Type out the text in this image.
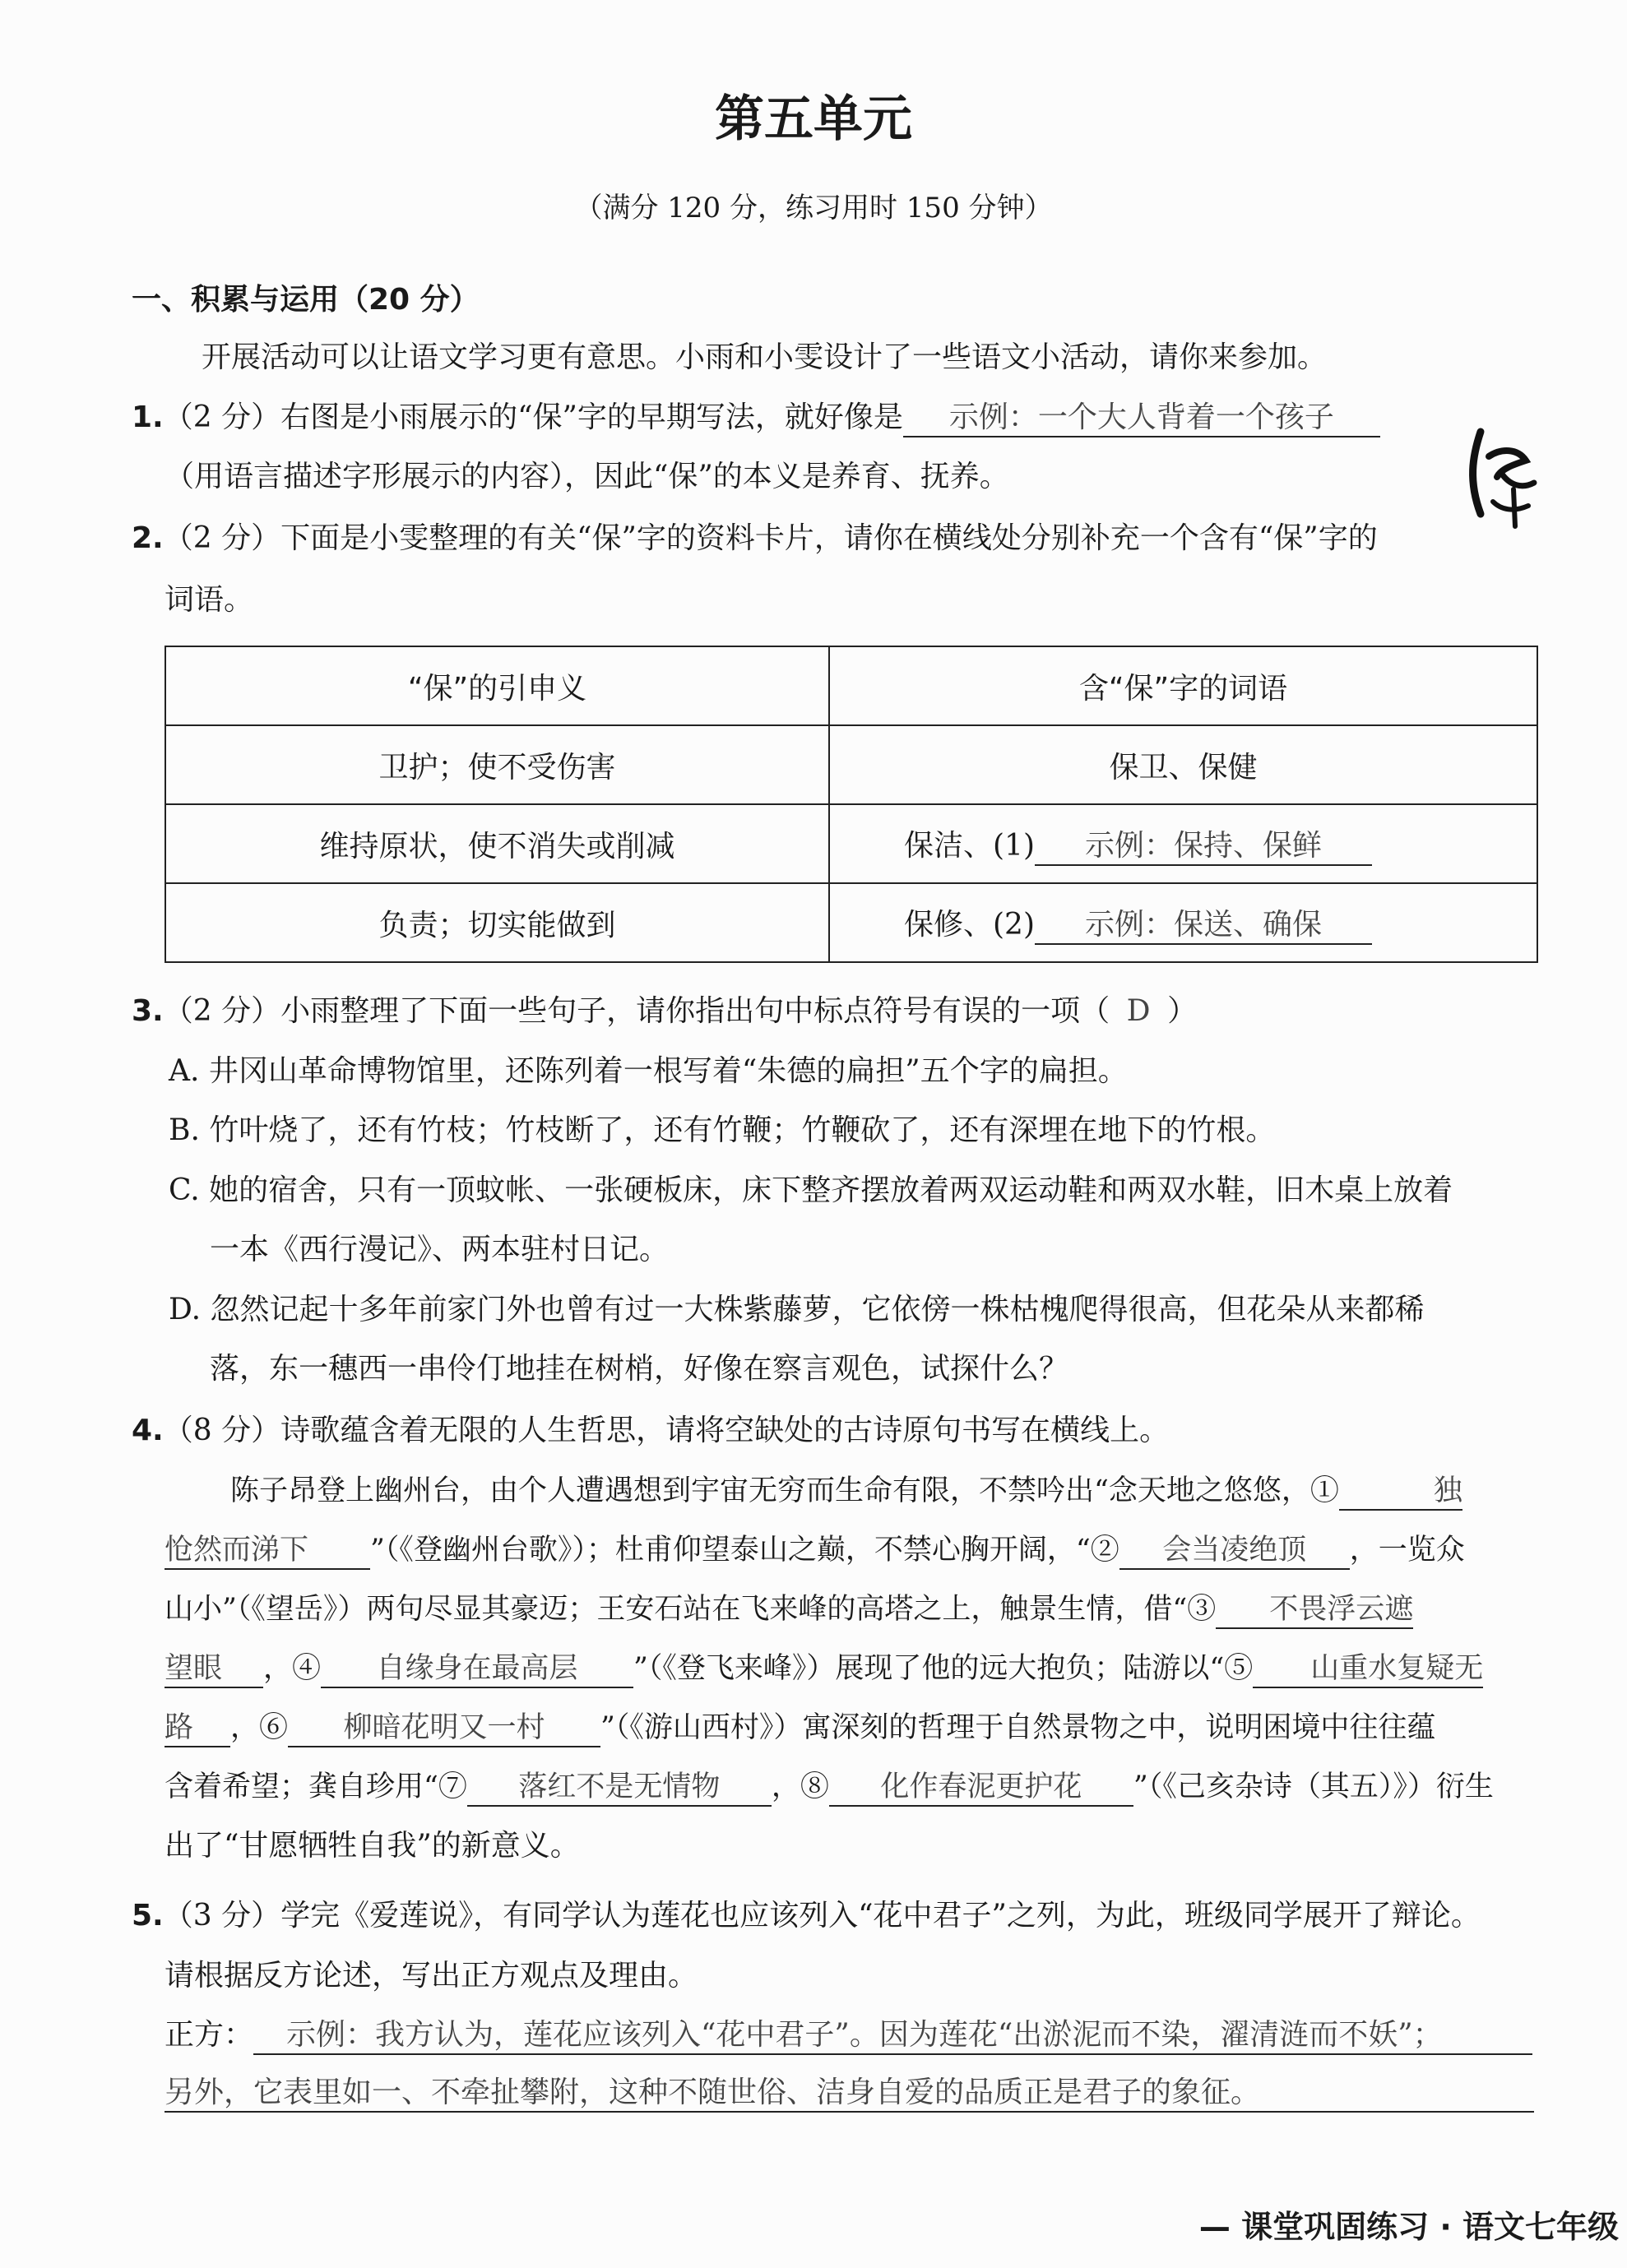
第五单元
（满分 120 分，练习用时 150 分钟）
一、积累与运用（20 分）
开展活动可以让语文学习更有意思。小雨和小雯设计了一些语文小活动，请你来参加。
1.（2 分）右图是小雨展示的“保”字的早期写法，就好像是 示例：一个大人背着一个孩子
（用语言描述字形展示的内容），因此“保”的本义是养育、抚养。
2.（2 分）下面是小雯整理的有关“保”字的资料卡片，请你在横线处分别补充一个含有“保”字的
词语。
“保”的引申义	含“保”字的词语
卫护；使不受伤害	保卫、保健
维持原状，使不消失或削减	保洁、(1) 示例：保持、保鲜
负责；切实能做到	保修、(2) 示例：保送、确保
3.（2 分）小雨整理了下面一些句子，请你指出句中标点符号有误的一项（ D ）
A. 井冈山革命博物馆里，还陈列着一根写着“朱德的扁担”五个字的扁担。
B. 竹叶烧了，还有竹枝；竹枝断了，还有竹鞭；竹鞭砍了，还有深埋在地下的竹根。
C. 她的宿舍，只有一顶蚊帐、一张硬板床，床下整齐摆放着两双运动鞋和两双水鞋，旧木桌上放着
一本《西行漫记》、两本驻村日记。
D. 忽然记起十多年前家门外也曾有过一大株紫藤萝，它依傍一株枯槐爬得很高，但花朵从来都稀
落，东一穗西一串伶仃地挂在树梢，好像在察言观色，试探什么？
4.（8 分）诗歌蕴含着无限的人生哲思，请将空缺处的古诗原句书写在横线上。
陈子昂登上幽州台，由个人遭遇想到宇宙无穷而生命有限，不禁吟出“念天地之悠悠，①	独
怆然而涕下 ”（《登幽州台歌》）；杜甫仰望泰山之巅，不禁心胸开阔，“② 会当凌绝顶 ，一览众
山小”（《望岳》）两句尽显其豪迈；王安石站在飞来峰的高塔之上，触景生情，借“③ 不畏浮云遮
望眼 ，④ 自缘身在最高层 ”（《登飞来峰》）展现了他的远大抱负；陆游以“⑤ 山重水复疑无
路 ，⑥ 柳暗花明又一村 ”（《游山西村》）寓深刻的哲理于自然景物之中，说明困境中往往蕴
含着希望；龚自珍用“⑦ 落红不是无情物 ，⑧ 化作春泥更护花 ”（《己亥杂诗（其五）》）衍生
出了“甘愿牺牲自我”的新意义。
5.（3 分）学完《爱莲说》，有同学认为莲花也应该列入“花中君子”之列，为此，班级同学展开了辩论。
请根据反方论述，写出正方观点及理由。
正方： 示例：我方认为，莲花应该列入“花中君子”。因为莲花“出淤泥而不染，濯清涟而不妖”；
另外，它表里如一、不牵扯攀附，这种不随世俗、洁身自爱的品质正是君子的象征。
— 课堂巩固练习 · 语文七年级
